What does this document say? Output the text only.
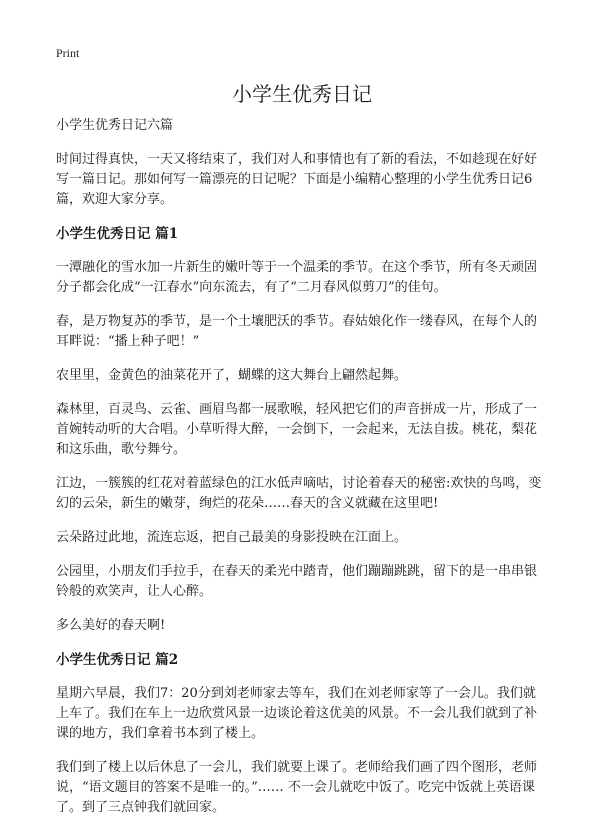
Print
小学生优秀日记

小学生优秀日记六篇

时间过得真快，一天又将结束了，我们对人和事情也有了新的看法，不如趁现在好好写一篇日记。那如何写一篇漂亮的日记呢？下面是小编精心整理的小学生优秀日记6篇，欢迎大家分享。

小学生优秀日记 篇1

一潭融化的雪水加一片新生的嫩叶等于一个温柔的季节。在这个季节，所有冬天顽固分子都会化成“一江春水”向东流去，有了“二月春风似剪刀”的佳句。

春，是万物复苏的季节，是一个土壤肥沃的季节。春姑娘化作一缕春风，在每个人的耳畔说：“播上种子吧！”

农里里，金黄色的油菜花开了，蝴蝶的这大舞台上翩然起舞。

森林里，百灵鸟、云雀、画眉鸟都一展歌喉，轻风把它们的声音拼成一片，形成了一首婉转动听的大合唱。小草听得大醉，一会倒下，一会起来，无法自拔。桃花，梨花和这乐曲，歌兮舞兮。

江边，一簇簇的红花对着蓝绿色的江水低声嘀咕，讨论着春天的秘密:欢快的鸟鸣，变幻的云朵，新生的嫩芽，绚烂的花朵……春天的含义就藏在这里吧!

云朵路过此地，流连忘返，把自己最美的身影投映在江面上。

公园里，小朋友们手拉手，在春天的柔光中踏青，他们蹦蹦跳跳，留下的是一串串银铃般的欢笑声，让人心醉。

多么美好的春天啊!

小学生优秀日记 篇2

星期六早晨，我们7：20分到刘老师家去等车，我们在刘老师家等了一会儿。我们就上车了。我们在车上一边欣赏风景一边谈论着这优美的风景。不一会儿我们就到了补课的地方，我们拿着书本到了楼上。

我们到了楼上以后休息了一会儿，我们就要上课了。老师给我们画了四个图形，老师说，“语文题目的答案不是唯一的。”…… 不一会儿就吃中饭了。吃完中饭就上英语课了。到了三点钟我们就回家。
